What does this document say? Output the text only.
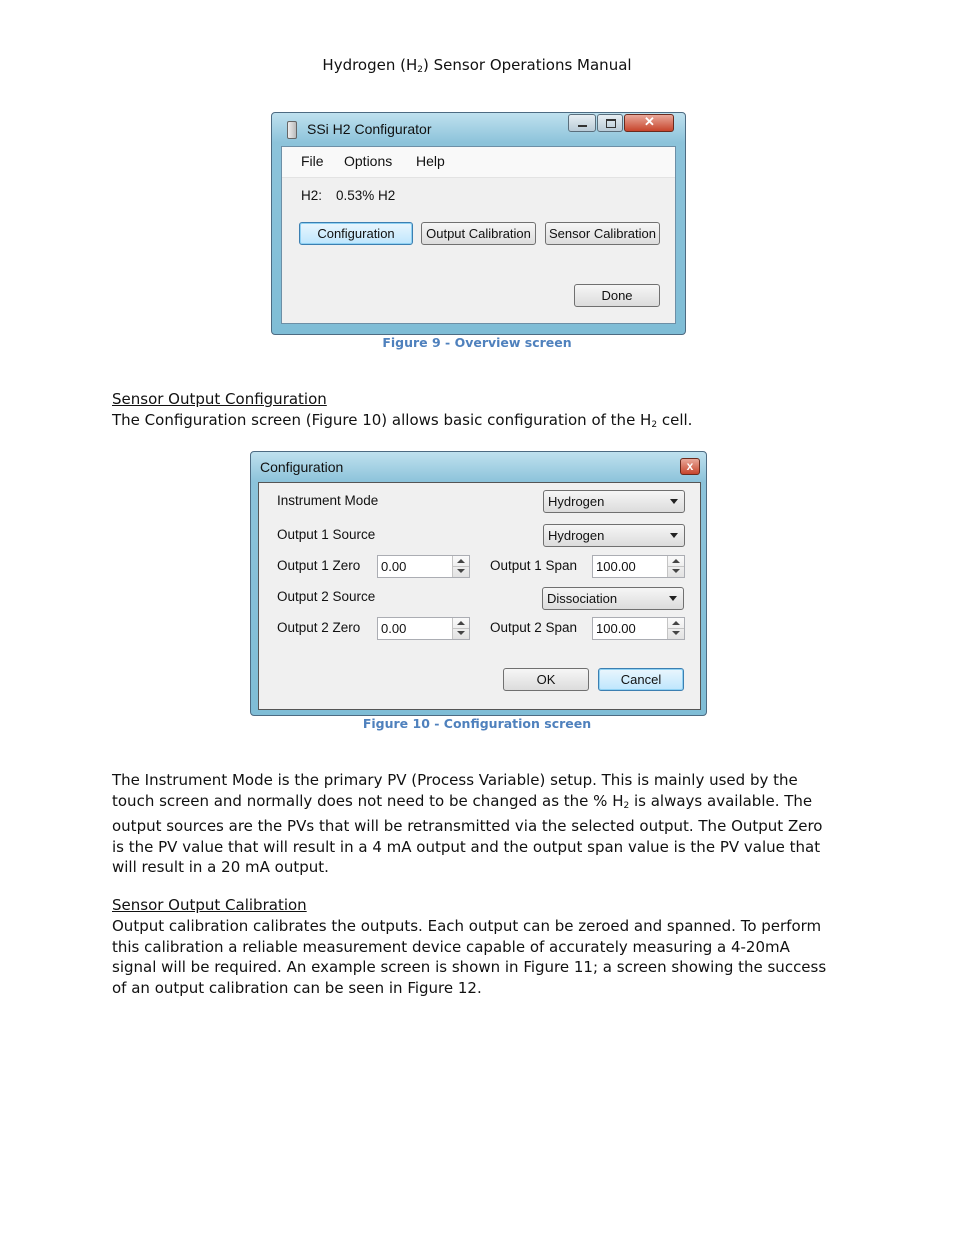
Hydrogen $(H_2)$ Sensor Operations Manual
SSi H2 Configurator	✕
File Options Help
H2: 0.53% H2
Configuration	Output Calibration	Sensor Calibration
Done
Figure 9 - Overview screen
Sensor Output Configuration
The Configuration screen (Figure 10) allows basic configuration of the $H_2$ cell.
Configuration	x
Instrument Mode	Hydrogen
Output 1 Source	Hydrogen
Output 1 Zero	0.00	Output 1 Span	100.00
Output 2 Source	Dissociation
Output 2 Zero	0.00	Output 2 Span	100.00
OK	Cancel
Figure 10 - Configuration screen
The Instrument Mode is the primary PV (Process Variable) setup. This is mainly used by the
touch screen and normally does not need to be changed as the % $H_2$ is always available. The
output sources are the PVs that will be retransmitted via the selected output. The Output Zero
is the PV value that will result in a 4 mA output and the output span value is the PV value that
will result in a 20 mA output.
Sensor Output Calibration
Output calibration calibrates the outputs. Each output can be zeroed and spanned. To perform
this calibration a reliable measurement device capable of accurately measuring a 4-20mA
signal will be required. An example screen is shown in Figure 11; a screen showing the success
of an output calibration can be seen in Figure 12.
